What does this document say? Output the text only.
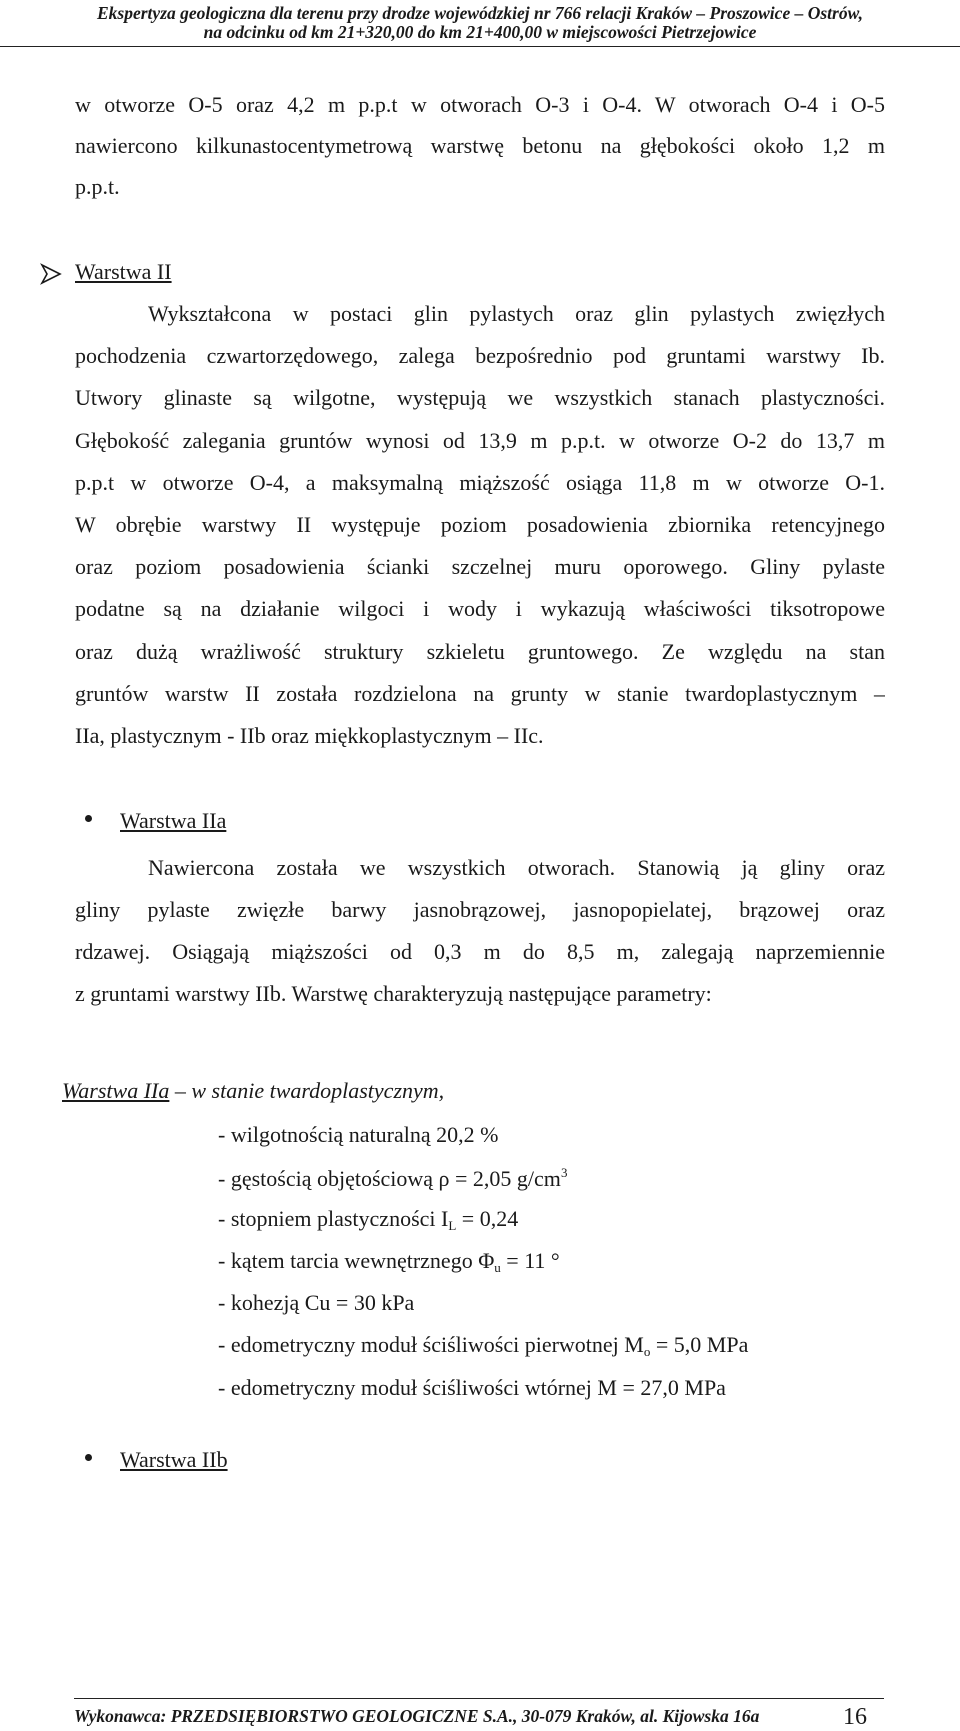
Ekspertyza geologiczna dla terenu przy drodze wojewódzkiej nr 766 relacji Kraków – Proszowice – Ostrów,
na odcinku od km 21+320,00 do km 21+400,00 w miejscowości Pietrzejowice
w otworze O-5 oraz 4,2 m p.p.t w otworach O-3 i O-4. W otworach O-4 i O-5
nawiercono kilkunastocentymetrową warstwę betonu na głębokości około 1,2 m
p.p.t.
Warstwa II
Wykształcona w postaci glin pylastych oraz glin pylastych zwięzłych
pochodzenia czwartorzędowego, zalega bezpośrednio pod gruntami warstwy Ib.
Utwory glinaste są wilgotne, występują we wszystkich stanach plastyczności.
Głębokość zalegania gruntów wynosi od 13,9 m p.p.t. w otworze O-2 do 13,7 m
p.p.t w otworze O-4, a maksymalną miąższość osiąga 11,8 m w otworze O-1.
W obrębie warstwy II występuje poziom posadowienia zbiornika retencyjnego
oraz poziom posadowienia ścianki szczelnej muru oporowego. Gliny pylaste
podatne są na działanie wilgoci i wody i wykazują właściwości tiksotropowe
oraz dużą wrażliwość struktury szkieletu gruntowego. Ze względu na stan
gruntów warstw II została rozdzielona na grunty w stanie twardoplastycznym –
IIa, plastycznym - IIb oraz miękkoplastycznym – IIc.
Warstwa IIa
Nawiercona została we wszystkich otworach. Stanowią ją gliny oraz
gliny pylaste zwięzłe barwy jasnobrązowej, jasnopopielatej, brązowej oraz
rdzawej. Osiągają miąższości od 0,3 m do 8,5 m, zalegają naprzemiennie
z gruntami warstwy IIb. Warstwę charakteryzują następujące parametry:
Warstwa IIa – w stanie twardoplastycznym,
- wilgotnością naturalną 20,2 %
- gęstością objętościową ρ = 2,05 $g/cm^3$
- stopniem plastyczności $I_L = 0,24$
- kątem tarcia wewnętrznego $\Phi_u = 11$ °
- kohezją Cu = 30 kPa
- edometryczny moduł ściśliwości pierwotnej $M_o = 5,0$ MPa
- edometryczny moduł ściśliwości wtórnej M = 27,0 MPa
Warstwa IIb
Wykonawca: PRZEDSIĘBIORSTWO GEOLOGICZNE S.A., 30-079 Kraków, al. Kijowska 16a	16
